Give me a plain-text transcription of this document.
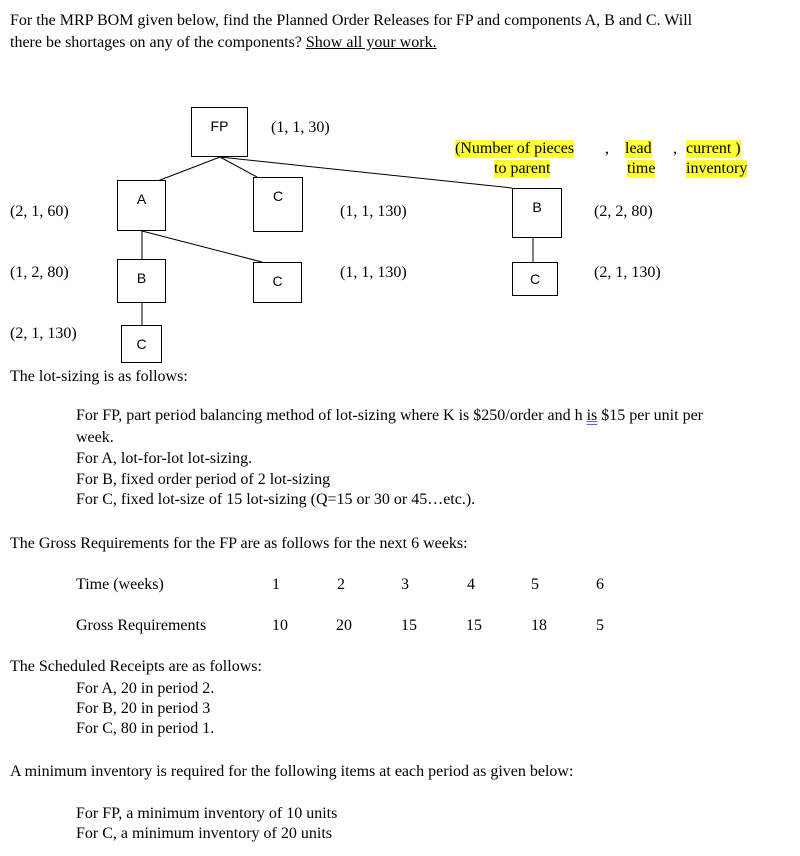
For the MRP BOM given below, find the Planned Order Releases for FP and components A, B and C. Will
there be shortages on any of the components? Show all your work.
FP	(1, 1, 30)
A
(2, 1, 60)
C
(1, 1, 130)
B
(1, 2, 80)	C	(1, 1, 130)
C
(2, 1, 130)
B	(2, 2, 80)
C	(2, 1, 130)
(Number of pieces
to parent
, lead
time
, current )
inventory
The lot-sizing is as follows:
For FP, part period balancing method of lot-sizing where K is $250/order and h is $15 per unit per
week.
For A, lot-for-lot lot-sizing.
For B, fixed order period of 2 lot-sizing
For C, fixed lot-size of 15 lot-sizing (Q=15 or 30 or 45…etc.).
The Gross Requirements for the FP are as follows for the next 6 weeks:
Time (weeks)	1	2	3	4	5	6
Gross Requirements	10	20	15	15	18	5
The Scheduled Receipts are as follows:
For A, 20 in period 2.
For B, 20 in period 3
For C, 80 in period 1.
A minimum inventory is required for the following items at each period as given below:
For FP, a minimum inventory of 10 units
For C, a minimum inventory of 20 units
